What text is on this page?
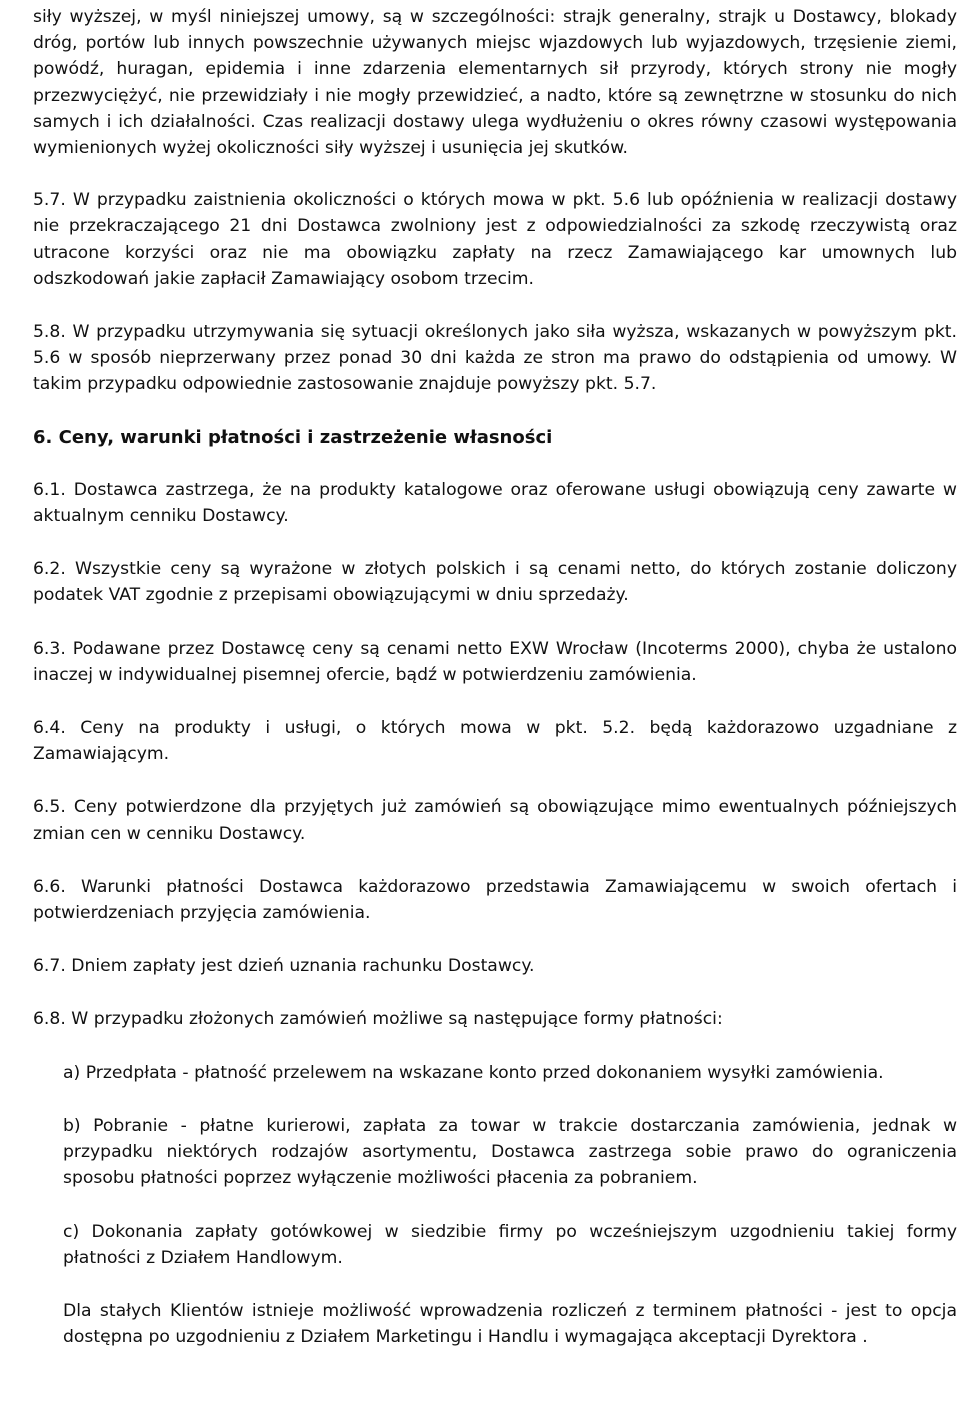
siły wyższej, w myśl niniejszej umowy, są w szczególności: strajk generalny, strajk u Dostawcy, blokady dróg, portów lub innych powszechnie używanych miejsc wjazdowych lub wyjazdowych, trzęsienie ziemi, powódź, huragan, epidemia i inne zdarzenia elementarnych sił przyrody, których strony nie mogły przezwyciężyć, nie przewidziały i nie mogły przewidzieć, a nadto, które są zewnętrzne w stosunku do nich samych i ich działalności. Czas realizacji dostawy ulega wydłużeniu o okres równy czasowi występowania wymienionych wyżej okoliczności siły wyższej i usunięcia jej skutków.

5.7. W przypadku zaistnienia okoliczności o których mowa w pkt. 5.6 lub opóźnienia w realizacji dostawy nie przekraczającego 21 dni Dostawca zwolniony jest z odpowiedzialności za szkodę rzeczywistą oraz utracone korzyści oraz nie ma obowiązku zapłaty na rzecz Zamawiającego kar umownych lub odszkodowań jakie zapłacił Zamawiający osobom trzecim.

5.8. W przypadku utrzymywania się sytuacji określonych jako siła wyższa, wskazanych w powyższym pkt. 5.6 w sposób nieprzerwany przez ponad 30 dni każda ze stron ma prawo do odstąpienia od umowy. W takim przypadku odpowiednie zastosowanie znajduje powyższy pkt. 5.7.

6. Ceny, warunki płatności i zastrzeżenie własności

6.1. Dostawca zastrzega, że na produkty katalogowe oraz oferowane usługi obowiązują ceny zawarte w aktualnym cenniku Dostawcy.

6.2. Wszystkie ceny są wyrażone w złotych polskich i są cenami netto, do których zostanie doliczony podatek VAT zgodnie z przepisami obowiązującymi w dniu sprzedaży.

6.3. Podawane przez Dostawcę ceny są cenami netto EXW Wrocław (Incoterms 2000), chyba że ustalono inaczej w indywidualnej pisemnej ofercie, bądź w potwierdzeniu zamówienia.

6.4. Ceny na produkty i usługi, o których mowa w pkt. 5.2. będą każdorazowo uzgadniane z Zamawiającym.

6.5. Ceny potwierdzone dla przyjętych już zamówień są obowiązujące mimo ewentualnych późniejszych zmian cen w cenniku Dostawcy.

6.6. Warunki płatności Dostawca każdorazowo przedstawia Zamawiającemu w swoich ofertach i potwierdzeniach przyjęcia zamówienia.

6.7. Dniem zapłaty jest dzień uznania rachunku Dostawcy.

6.8. W przypadku złożonych zamówień możliwe są następujące formy płatności:

a) Przedpłata - płatność przelewem na wskazane konto przed dokonaniem wysyłki zamówienia.

b) Pobranie - płatne kurierowi, zapłata za towar w trakcie dostarczania zamówienia, jednak w przypadku niektórych rodzajów asortymentu, Dostawca zastrzega sobie prawo do ograniczenia sposobu płatności poprzez wyłączenie możliwości płacenia za pobraniem.

c) Dokonania zapłaty gotówkowej w siedzibie firmy po wcześniejszym uzgodnieniu takiej formy płatności z Działem Handlowym.

Dla stałych Klientów istnieje możliwość wprowadzenia rozliczeń z terminem płatności - jest to opcja dostępna po uzgodnieniu z Działem Marketingu i Handlu i wymagająca akceptacji Dyrektora .
